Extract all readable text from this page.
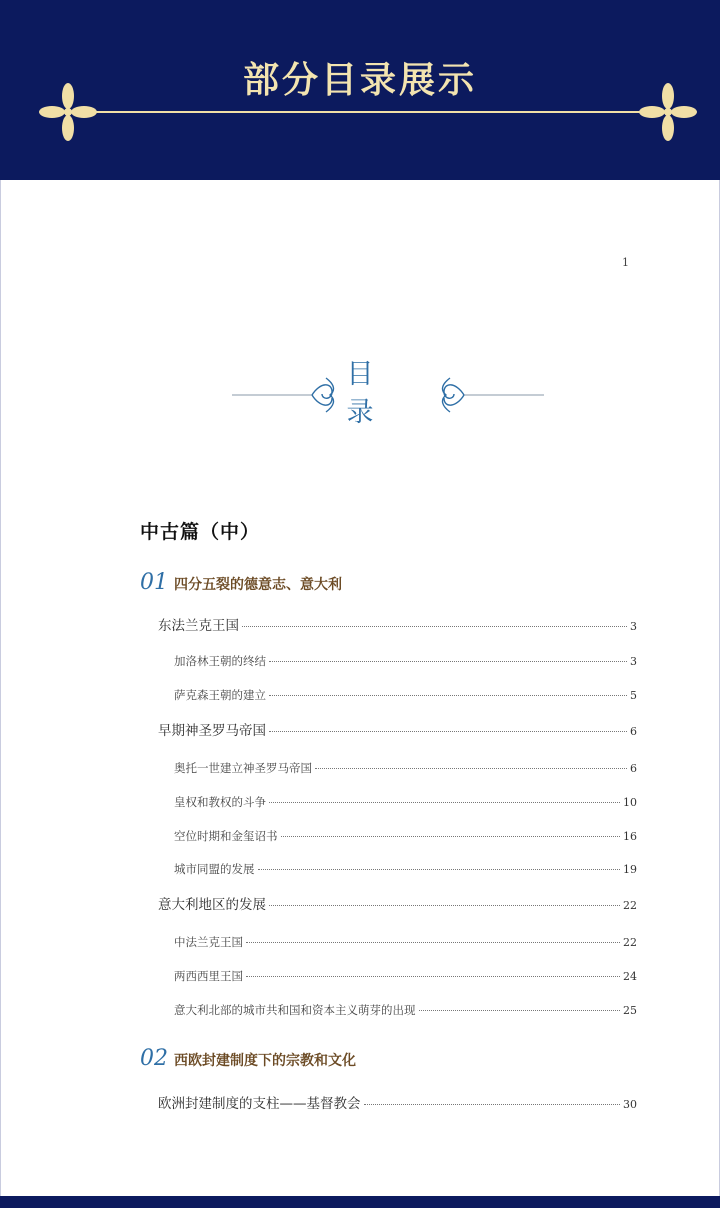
部分目录展示
1
目
录
中古篇（中）
01 四分五裂的德意志、意大利
东法兰克王国	3
加洛林王朝的终结	3
萨克森王朝的建立	5
早期神圣罗马帝国	6
奥托一世建立神圣罗马帝国	6
皇权和教权的斗争	10
空位时期和金玺诏书	16
城市同盟的发展	19
意大利地区的发展	22
中法兰克王国	22
两西西里王国	24
意大利北部的城市共和国和资本主义萌芽的出现	25
02 西欧封建制度下的宗教和文化
欧洲封建制度的支柱——基督教会	30
